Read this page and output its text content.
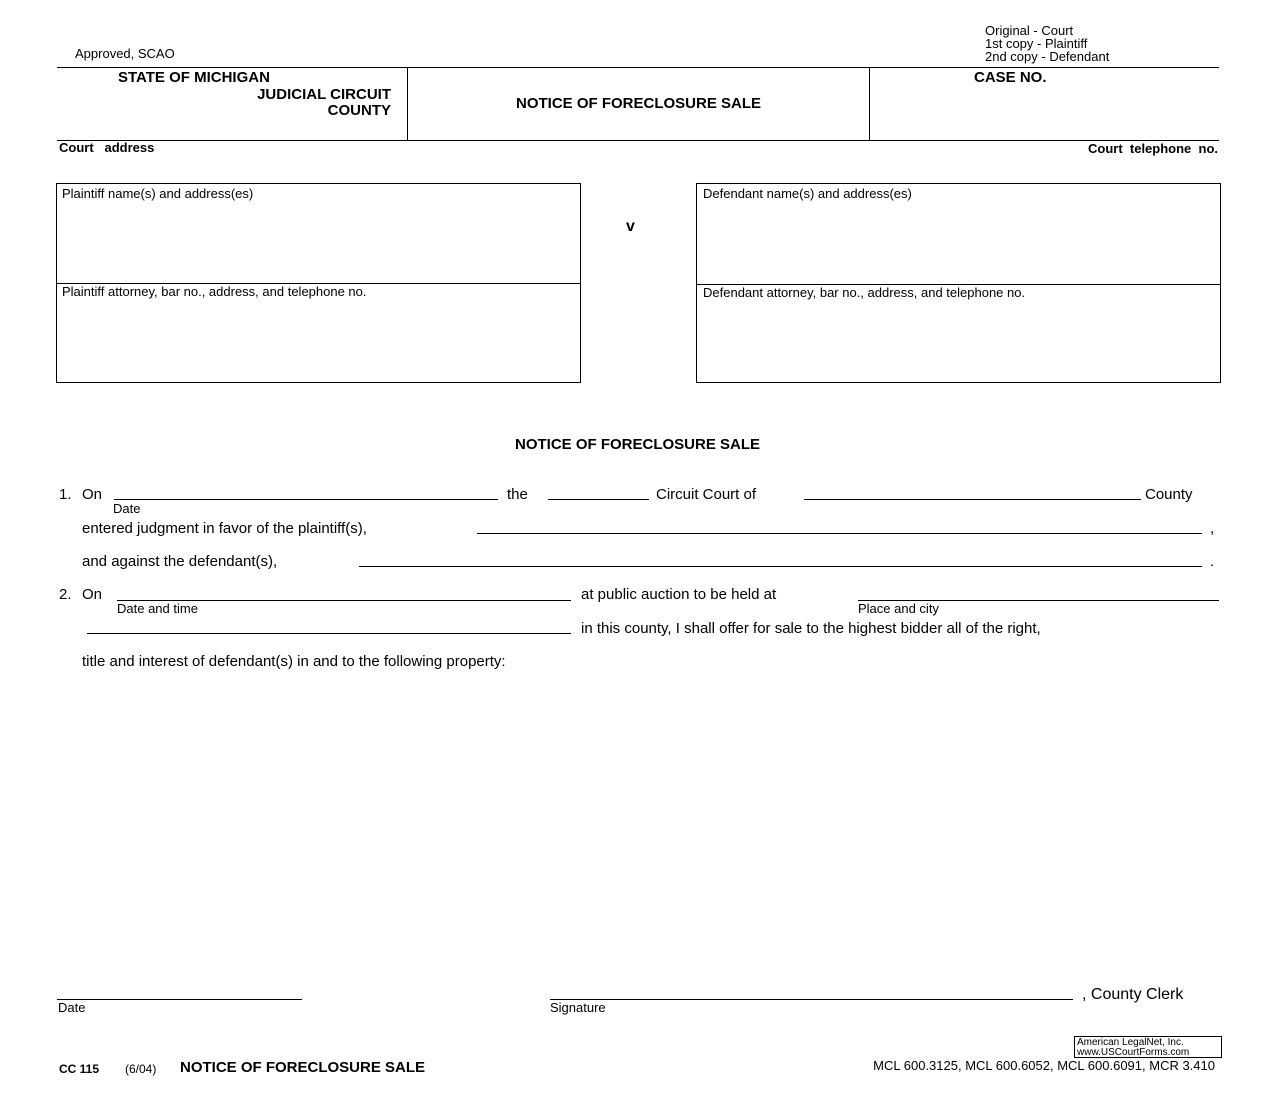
Approved, SCAO
Original - Court
1st copy - Plaintiff
2nd copy - Defendant
STATE OF MICHIGAN
JUDICIAL CIRCUIT
COUNTY	NOTICE OF FORECLOSURE SALE
CASE NO.
Court   address	Court  telephone  no.
Plaintiff name(s) and address(es)
Plaintiff attorney, bar no., address, and telephone no.
v
Defendant name(s) and address(es)
Defendant attorney, bar no., address, and telephone no.
NOTICE OF FORECLOSURE SALE
1. On
Date
the	Circuit Court of	County
entered judgment in favor of the plaintiff(s),	,
and against the defendant(s),	.
2. On
Date and time
at public auction to be held at
Place and city
in this county, I shall offer for sale to the highest bidder all of the right,
title and interest of defendant(s) in and to the following property:
Date	Signature
, County Clerk
CC 115 (6/04) NOTICE OF FORECLOSURE SALE	MCL 600.3125, MCL 600.6052, MCL 600.6091, MCR 3.410
American LegalNet, Inc.
www.USCourtForms.com
